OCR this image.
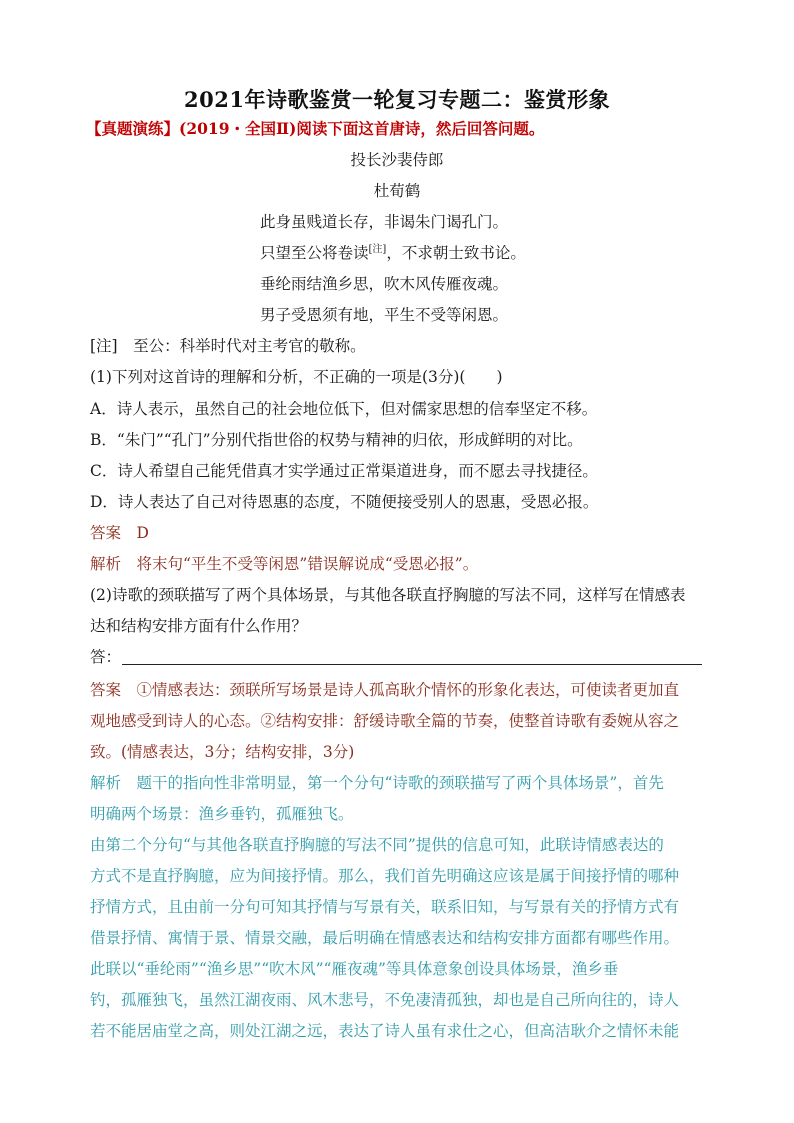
2021年诗歌鉴赏一轮复习专题二：鉴赏形象
【真题演练】(2019・全国Ⅱ)阅读下面这首唐诗，然后回答问题。
投长沙裴侍郎
杜荀鹤
此身虽贱道长存，非谒朱门谒孔门。
只望至公将卷读[注]，不求朝士致书论。
垂纶雨结渔乡思，吹木风传雁夜魂。
男子受恩须有地，平生不受等闲恩。
[注]　至公：科举时代对主考官的敬称。
(1)下列对这首诗的理解和分析，不正确的一项是(3分)(　　)
A．诗人表示，虽然自己的社会地位低下，但对儒家思想的信奉坚定不移。
B．“朱门”“孔门”分别代指世俗的权势与精神的归依，形成鲜明的对比。
C．诗人希望自己能凭借真才实学通过正常渠道进身，而不愿去寻找捷径。
D．诗人表达了自己对待恩惠的态度，不随便接受别人的恩惠，受恩必报。
答案　D
解析　将末句“平生不受等闲恩”错误解说成“受恩必报”。
(2)诗歌的颈联描写了两个具体场景，与其他各联直抒胸臆的写法不同，这样写在情感表
达和结构安排方面有什么作用？
答：
答案　①情感表达：颈联所写场景是诗人孤高耿介情怀的形象化表达，可使读者更加直
观地感受到诗人的心态。②结构安排：舒缓诗歌全篇的节奏，使整首诗歌有委婉从容之
致。(情感表达，3分；结构安排，3分)
解析　题干的指向性非常明显，第一个分句“诗歌的颈联描写了两个具体场景”，首先
明确两个场景：渔乡垂钓，孤雁独飞。
由第二个分句“与其他各联直抒胸臆的写法不同”提供的信息可知，此联诗情感表达的
方式不是直抒胸臆，应为间接抒情。那么，我们首先明确这应该是属于间接抒情的哪种
抒情方式，且由前一分句可知其抒情与写景有关，联系旧知，与写景有关的抒情方式有
借景抒情、寓情于景、情景交融，最后明确在情感表达和结构安排方面都有哪些作用。
此联以“垂纶雨”“渔乡思”“吹木风”“雁夜魂”等具体意象创设具体场景，渔乡垂
钓，孤雁独飞，虽然江湖夜雨、风木悲号，不免凄清孤独，却也是自己所向往的，诗人
若不能居庙堂之高，则处江湖之远，表达了诗人虽有求仕之心，但高洁耿介之情怀未能
